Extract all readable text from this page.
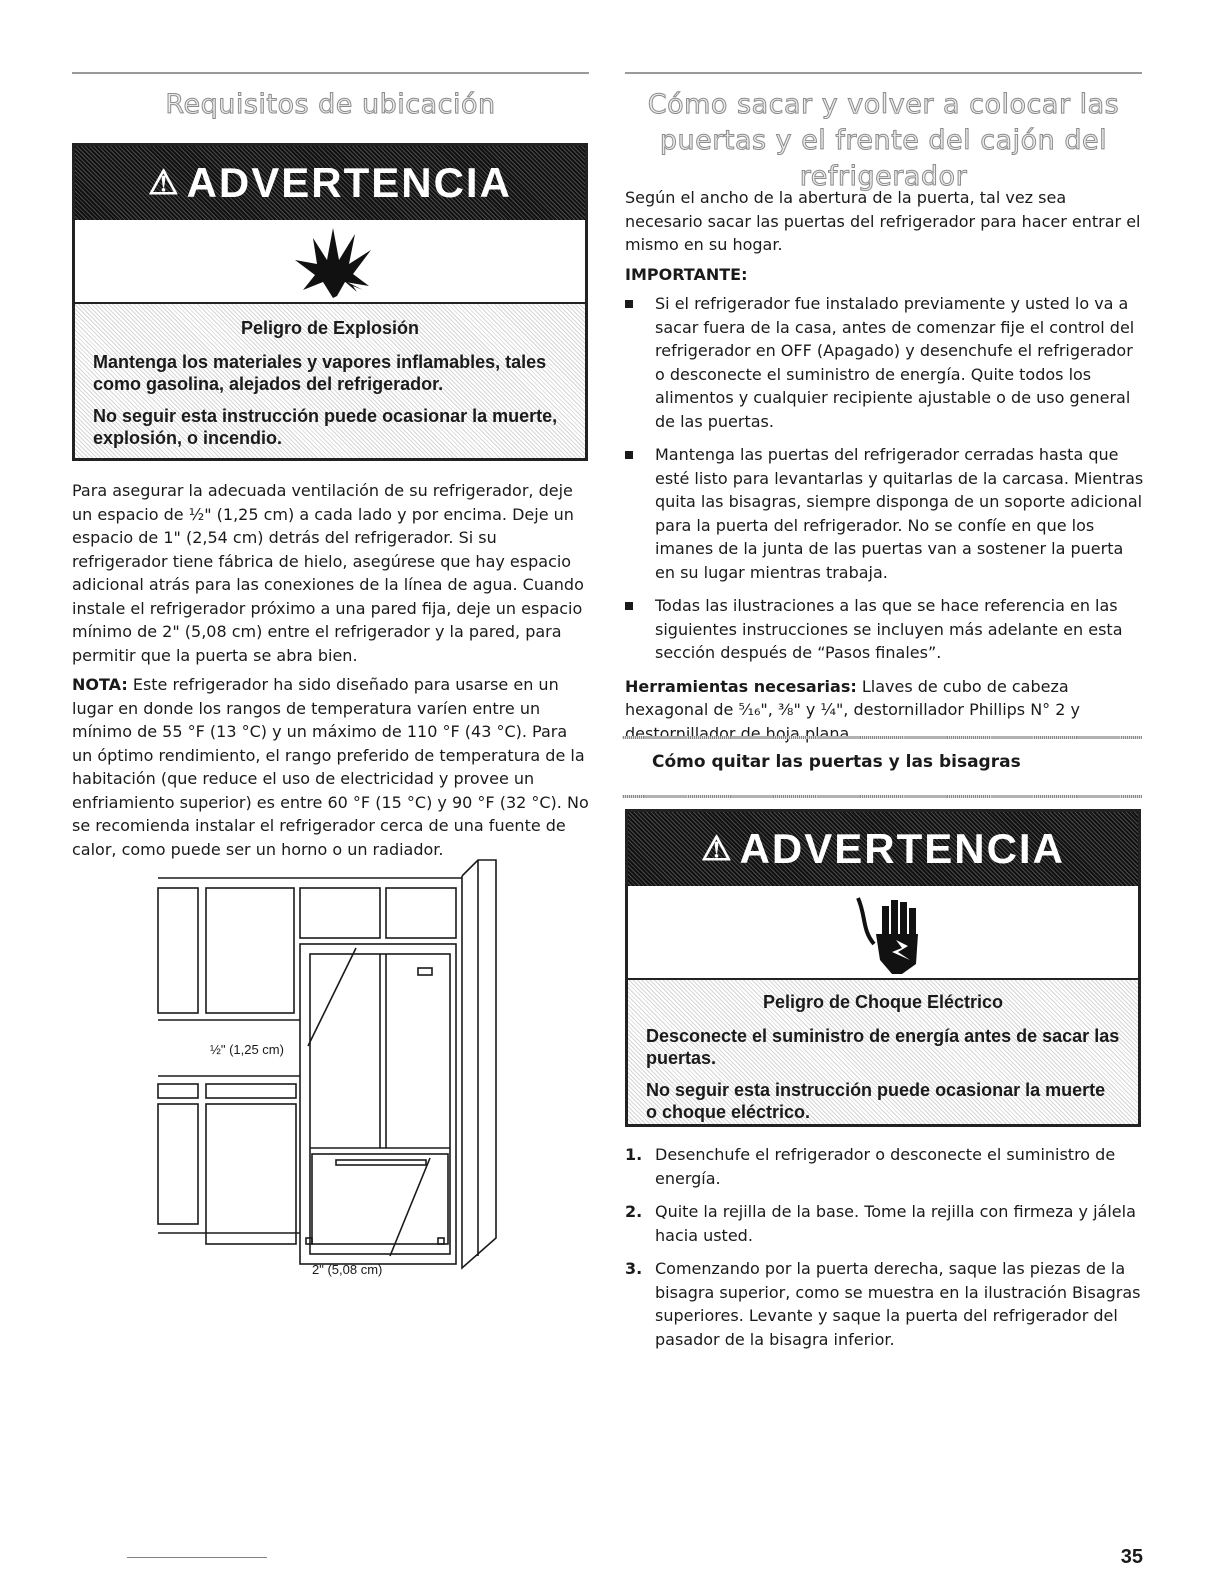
Requisitos de ubicación
⚠ ADVERTENCIA
Peligro de Explosión

Mantenga los materiales y vapores inflamables, tales como gasolina, alejados del refrigerador.

No seguir esta instrucción puede ocasionar la muerte, explosión, o incendio.

Para asegurar la adecuada ventilación de su refrigerador, deje un espacio de ½" (1,25 cm) a cada lado y por encima. Deje un espacio de 1" (2,54 cm) detrás del refrigerador. Si su refrigerador tiene fábrica de hielo, asegúrese que hay espacio adicional atrás para las conexiones de la línea de agua. Cuando instale el refrigerador próximo a una pared fija, deje un espacio mínimo de 2" (5,08 cm) entre el refrigerador y la pared, para permitir que la puerta se abra bien.

NOTA: Este refrigerador ha sido diseñado para usarse en un lugar en donde los rangos de temperatura varíen entre un mínimo de 55 °F (13 °C) y un máximo de 110 °F (43 °C). Para un óptimo rendimiento, el rango preferido de temperatura de la habitación (que reduce el uso de electricidad y provee un enfriamiento superior) es entre 60 °F (15 °C) y 90 °F (32 °C). No se recomienda instalar el refrigerador cerca de una fuente de calor, como puede ser un horno o un radiador.

½" (1,25 cm)
2" (5,08 cm)
Cómo sacar y volver a colocar las
puertas y el frente del cajón del
refrigerador

Según el ancho de la abertura de la puerta, tal vez sea necesario sacar las puertas del refrigerador para hacer entrar el mismo en su hogar.

IMPORTANTE:

Si el refrigerador fue instalado previamente y usted lo va a sacar fuera de la casa, antes de comenzar fije el control del refrigerador en OFF (Apagado) y desenchufe el refrigerador o desconecte el suministro de energía. Quite todos los alimentos y cualquier recipiente ajustable o de uso general de las puertas.
Mantenga las puertas del refrigerador cerradas hasta que esté listo para levantarlas y quitarlas de la carcasa. Mientras quita las bisagras, siempre disponga de un soporte adicional para la puerta del refrigerador. No se confíe en que los imanes de la junta de las puertas van a sostener la puerta en su lugar mientras trabaja.
Todas las ilustraciones a las que se hace referencia en las siguientes instrucciones se incluyen más adelante en esta sección después de “Pasos finales”.

Herramientas necesarias: Llaves de cubo de cabeza hexagonal de ⁵⁄₁₆", ⅜" y ¼", destornillador Phillips N° 2 y destornillador de hoja plana.

Cómo quitar las puertas y las bisagras
⚠ ADVERTENCIA
Peligro de Choque Eléctrico

Desconecte el suministro de energía antes de sacar las puertas.

No seguir esta instrucción puede ocasionar la muerte o choque eléctrico.

1. Desenchufe el refrigerador o desconecte el suministro de energía.
2. Quite la rejilla de la base. Tome la rejilla con firmeza y jálela hacia usted.
3. Comenzando por la puerta derecha, saque las piezas de la bisagra superior, como se muestra en la ilustración Bisagras superiores. Levante y saque la puerta del refrigerador del pasador de la bisagra inferior.
35
